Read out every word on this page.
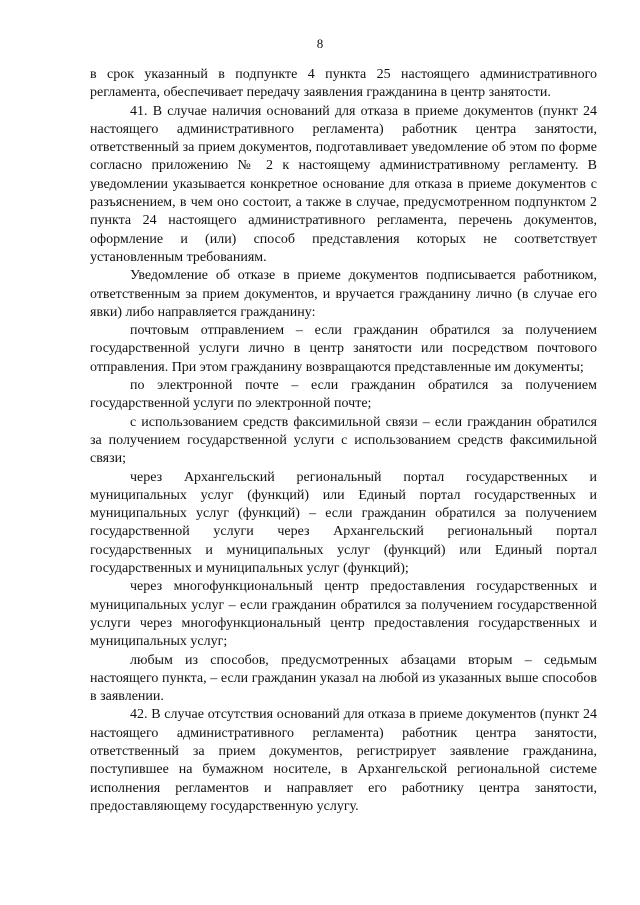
8

в срок указанный в подпункте 4 пункта 25 настоящего административного регламента, обеспечивает передачу заявления гражданина в центр занятости.

41. В случае наличия оснований для отказа в приеме документов (пункт 24 настоящего административного регламента) работник центра занятости, ответственный за прием документов, подготавливает уведомление об этом по форме согласно приложению № 2 к настоящему административному регламенту. В уведомлении указывается конкретное основание для отказа в приеме документов с разъяснением, в чем оно состоит, а также в случае, предусмотренном подпунктом 2 пункта 24 настоящего административного регламента, перечень документов, оформление и (или) способ представления которых не соответствует установленным требованиям.

Уведомление об отказе в приеме документов подписывается работником, ответственным за прием документов, и вручается гражданину лично (в случае его явки) либо направляется гражданину:

почтовым отправлением – если гражданин обратился за получением государственной услуги лично в центр занятости или посредством почтового отправления. При этом гражданину возвращаются представленные им документы;

по электронной почте – если гражданин обратился за получением государственной услуги по электронной почте;

с использованием средств факсимильной связи – если гражданин обратился за получением государственной услуги с использованием средств факсимильной связи;

через Архангельский региональный портал государственных и муниципальных услуг (функций) или Единый портал государственных и муниципальных услуг (функций) – если гражданин обратился за получением государственной услуги через Архангельский региональный портал государственных и муниципальных услуг (функций) или Единый портал государственных и муниципальных услуг (функций);

через многофункциональный центр предоставления государственных и муниципальных услуг – если гражданин обратился за получением государственной услуги через многофункциональный центр предоставления государственных и муниципальных услуг;

любым из способов, предусмотренных абзацами вторым – седьмым настоящего пункта, – если гражданин указал на любой из указанных выше способов в заявлении.

42. В случае отсутствия оснований для отказа в приеме документов (пункт 24 настоящего административного регламента) работник центра занятости, ответственный за прием документов, регистрирует заявление гражданина, поступившее на бумажном носителе, в Архангельской региональной системе исполнения регламентов и направляет его работнику центра занятости, предоставляющему государственную услугу.
